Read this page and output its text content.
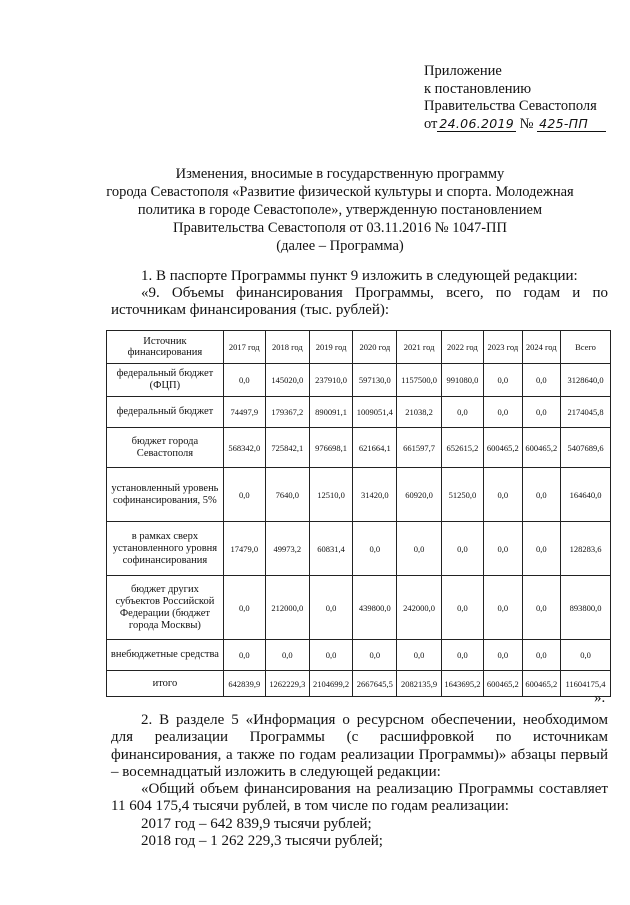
Приложение
к постановлению
Правительства Севастополя
от 24.06.2019 № 425-ПП
Изменения, вносимые в государственную программу
города Севастополя «Развитие физической культуры и спорта. Молодежная
политика в городе Севастополе», утвержденную постановлением
Правительства Севастополя от 03.11.2016 № 1047-ПП
(далее – Программа)
1. В паспорте Программы пункт 9 изложить в следующей редакции:
«9. Объемы финансирования Программы, всего, по годам и по источникам финансирования (тыс. рублей):
Источник финансирования	2017 год	2018 год	2019 год	2020 год	2021 год	2022 год	2023 год	2024 год	Всего
федеральный бюджет (ФЦП)	0,0	145020,0	237910,0	597130,0	1157500,0	991080,0	0,0	0,0	3128640,0
федеральный бюджет	74497,9	179367,2	890091,1	1009051,4	21038,2	0,0	0,0	0,0	2174045,8
бюджет города Севастополя	568342,0	725842,1	976698,1	621664,1	661597,7	652615,2	600465,2	600465,2	5407689,6
установленный уровень софинансирования, 5%	0,0	7640,0	12510,0	31420,0	60920,0	51250,0	0,0	0,0	164640,0
в рамках сверх установленного уровня софинансирования	17479,0	49973,2	60831,4	0,0	0,0	0,0	0,0	0,0	128283,6
бюджет других субъектов Российской Федерации (бюджет города Москвы)	0,0	212000,0	0,0	439800,0	242000,0	0,0	0,0	0,0	893800,0
внебюджетные средства	0,0	0,0	0,0	0,0	0,0	0,0	0,0	0,0	0,0
итого	642839,9	1262229,3	2104699,2	2667645,5	2082135,9	1643695,2	600465,2	600465,2	11604175,4
».
2. В разделе 5 «Информация о ресурсном обеспечении, необходимом для реализации Программы (с расшифровкой по источникам финансирования, а также по годам реализации Программы)» абзацы первый – восемнадцатый изложить в следующей редакции:
«Общий объем финансирования на реализацию Программы составляет 11 604 175,4 тысячи рублей, в том числе по годам реализации:
2017 год – 642 839,9 тысячи рублей;
2018 год – 1 262 229,3 тысячи рублей;
